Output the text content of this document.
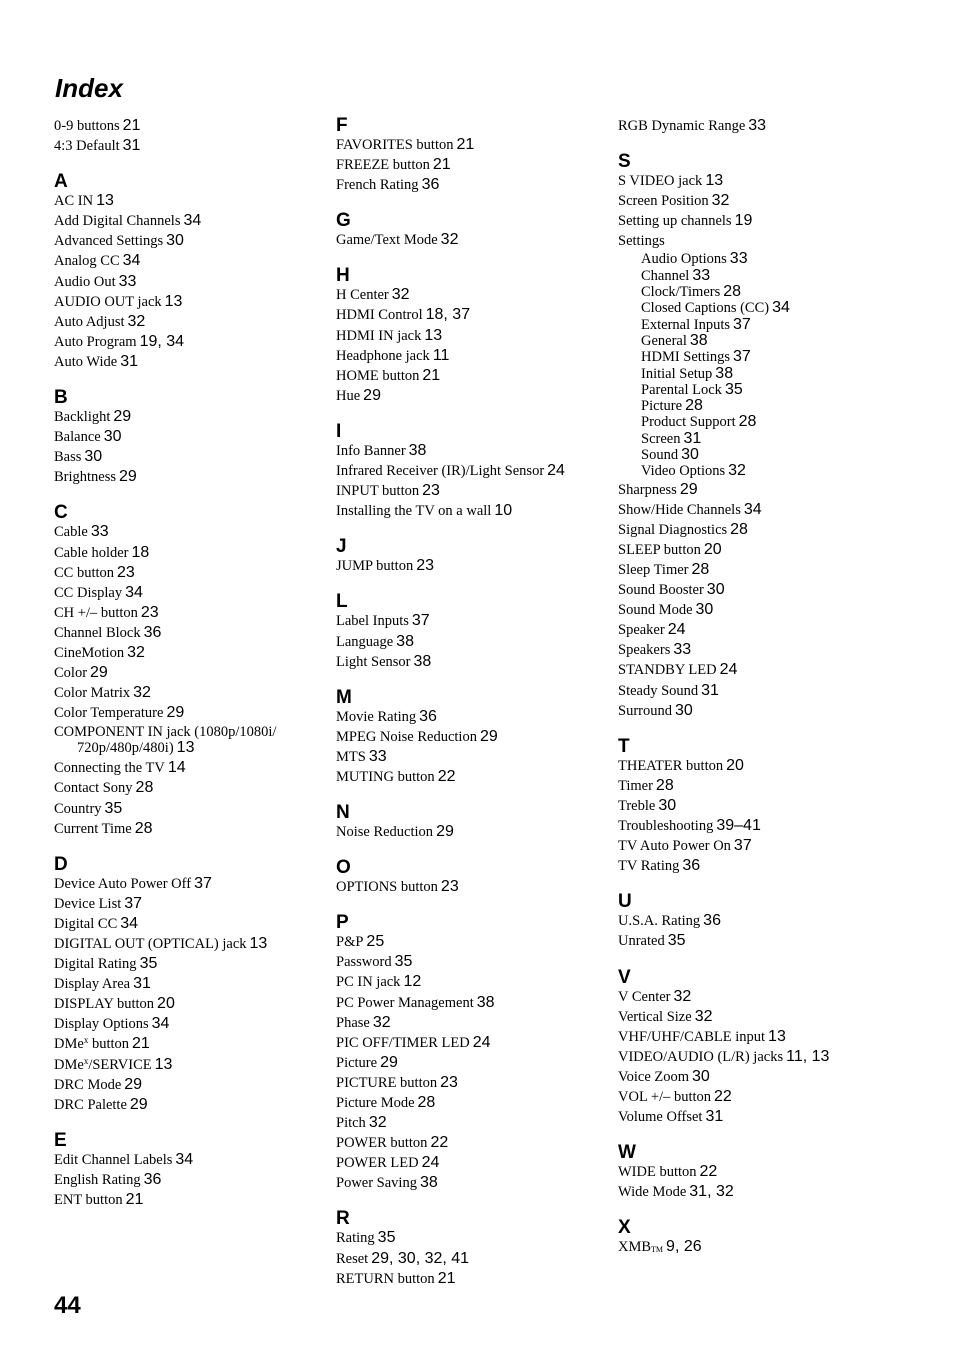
Index
0-9 buttons 21
4:3 Default 31
A
AC IN 13
Add Digital Channels 34
Advanced Settings 30
Analog CC 34
Audio Out 33
AUDIO OUT jack 13
Auto Adjust 32
Auto Program 19, 34
Auto Wide 31
B
Backlight 29
Balance 30
Bass 30
Brightness 29
C
Cable 33
Cable holder 18
CC button 23
CC Display 34
CH +/– button 23
Channel Block 36
CineMotion 32
Color 29
Color Matrix 32
Color Temperature 29
COMPONENT IN jack (1080p/1080i/ 720p/480p/480i) 13
Connecting the TV 14
Contact Sony 28
Country 35
Current Time 28
D
Device Auto Power Off 37
Device List 37
Digital CC 34
DIGITAL OUT (OPTICAL) jack 13
Digital Rating 35
Display Area 31
DISPLAY button 20
Display Options 34
DMe$^x$ button 21
DMe$^x$/SERVICE 13
DRC Mode 29
DRC Palette 29
E
Edit Channel Labels 34
English Rating 36
ENT button 21
F
FAVORITES button 21
FREEZE button 21
French Rating 36
G
Game/Text Mode 32
H
H Center 32
HDMI Control 18, 37
HDMI IN jack 13
Headphone jack 11
HOME button 21
Hue 29
I
Info Banner 38
Infrared Receiver (IR)/Light Sensor 24
INPUT button 23
Installing the TV on a wall 10
J
JUMP button 23
L
Label Inputs 37
Language 38
Light Sensor 38
M
Movie Rating 36
MPEG Noise Reduction 29
MTS 33
MUTING button 22
N
Noise Reduction 29
O
OPTIONS button 23
P
P&P 25
Password 35
PC IN jack 12
PC Power Management 38
Phase 32
PIC OFF/TIMER LED 24
Picture 29
PICTURE button 23
Picture Mode 28
Pitch 32
POWER button 22
POWER LED 24
Power Saving 38
R
Rating 35
Reset 29, 30, 32, 41
RETURN button 21
RGB Dynamic Range 33
S
S VIDEO jack 13
Screen Position 32
Setting up channels 19
Settings
Audio Options 33
Channel 33
Clock/Timers 28
Closed Captions (CC) 34
External Inputs 37
General 38
HDMI Settings 37
Initial Setup 38
Parental Lock 35
Picture 28
Product Support 28
Screen 31
Sound 30
Video Options 32
Sharpness 29
Show/Hide Channels 34
Signal Diagnostics 28
SLEEP button 20
Sleep Timer 28
Sound Booster 30
Sound Mode 30
Speaker 24
Speakers 33
STANDBY LED 24
Steady Sound 31
Surround 30
T
THEATER button 20
Timer 28
Treble 30
Troubleshooting 39–41
TV Auto Power On 37
TV Rating 36
U
U.S.A. Rating 36
Unrated 35
V
V Center 32
Vertical Size 32
VHF/UHF/CABLE input 13
VIDEO/AUDIO (L/R) jacks 11, 13
Voice Zoom 30
VOL +/– button 22
Volume Offset 31
W
WIDE button 22
Wide Mode 31, 32
X
$XMB_{TM}$ 9, 26
44
